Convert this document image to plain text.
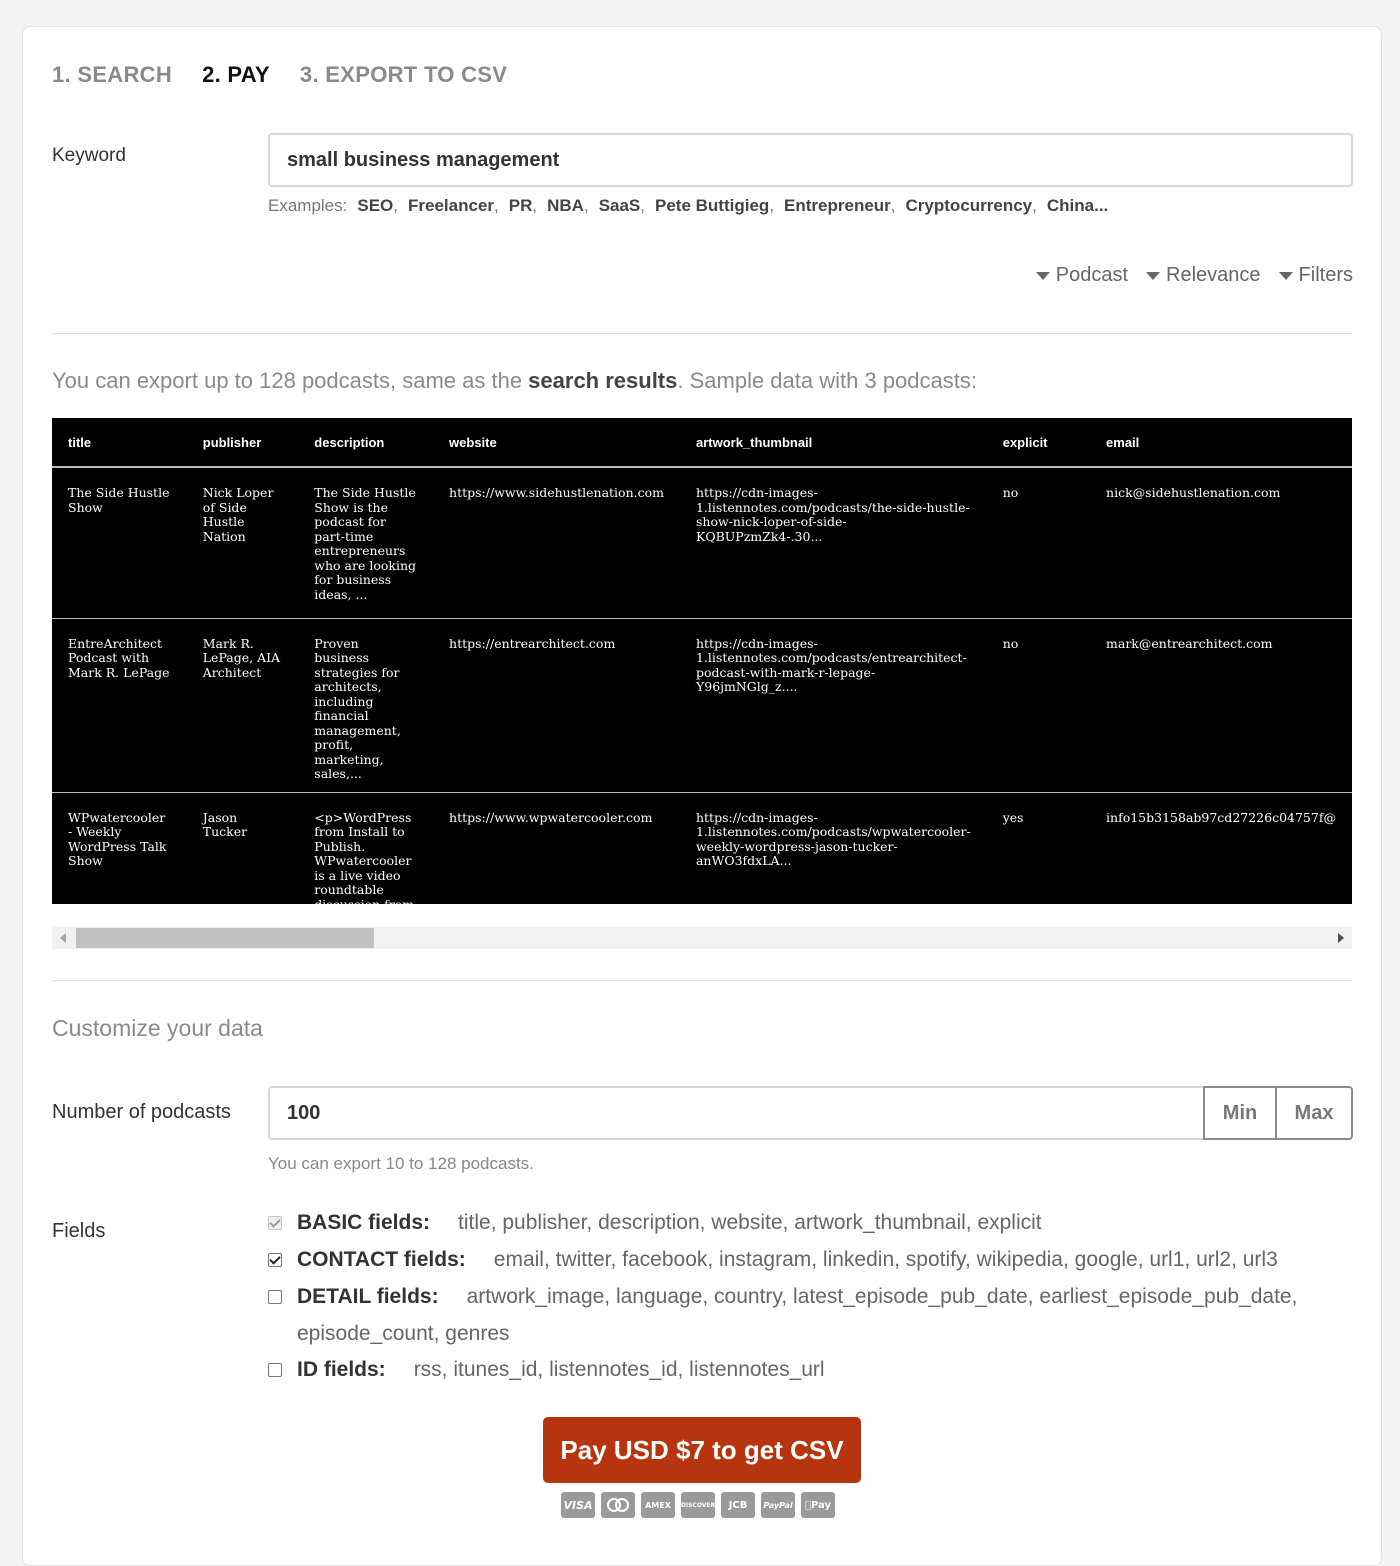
1. SEARCH 2. PAY 3. EXPORT TO CSV
Keyword	small business management
Examples: SEO , Freelancer , PR , NBA , SaaS , Pete Buttigieg , Entrepreneur , Cryptocurrency , China...
Podcast Relevance Filters
You can export up to 128 podcasts, same as the search results. Sample data with 3 podcasts:
title	publisher	description	website	artwork_thumbnail	explicit	email
The Side Hustle Show	Nick Loper of Side Hustle Nation	The Side Hustle Show is the podcast for part-time entrepreneurs who are looking for business ideas, ...	https://www.sidehustlenation.com	https://cdn-images-1.listennotes.com/podcasts/the-side-hustle-show-nick-loper-of-side-KQBUPzmZk4-.30...	no	nick@sidehustlenation.com
EntreArchitect Podcast with Mark R. LePage	Mark R. LePage, AIA Architect	Proven business strategies for architects, including financial management, profit, marketing, sales,...	https://entrearchitect.com	https://cdn-images-1.listennotes.com/podcasts/entrearchitect-podcast-with-mark-r-lepage-Y96jmNGlg_z....	no	mark@entrearchitect.com
WPwatercooler - Weekly WordPress Talk Show	Jason Tucker	<p>WordPress from Install to Publish. WPwatercooler is a live video roundtable discussion from WordP...	https://www.wpwatercooler.com	https://cdn-images-1.listennotes.com/podcasts/wpwatercooler-weekly-wordpress-jason-tucker-anWO3fdxLA...	yes	info15b3158ab97cd27226c04757f@
Customize your data
Number of podcasts	100	Min	Max
You can export 10 to 128 podcasts.
Fields	BASIC fields: title, publisher, description, website, artwork_thumbnail, explicit
CONTACT fields: email, twitter, facebook, instagram, linkedin, spotify, wikipedia, google, url1, url2, url3
DETAIL fields: artwork_image, language, country, latest_episode_pub_date, earliest_episode_pub_date,
episode_count, genres
ID fields: rss, itunes_id, listennotes_id, listennotes_url
Pay USD $7 to get CSV
VISA	AMEX	DISCOVER	JCB	PayPal Pay
